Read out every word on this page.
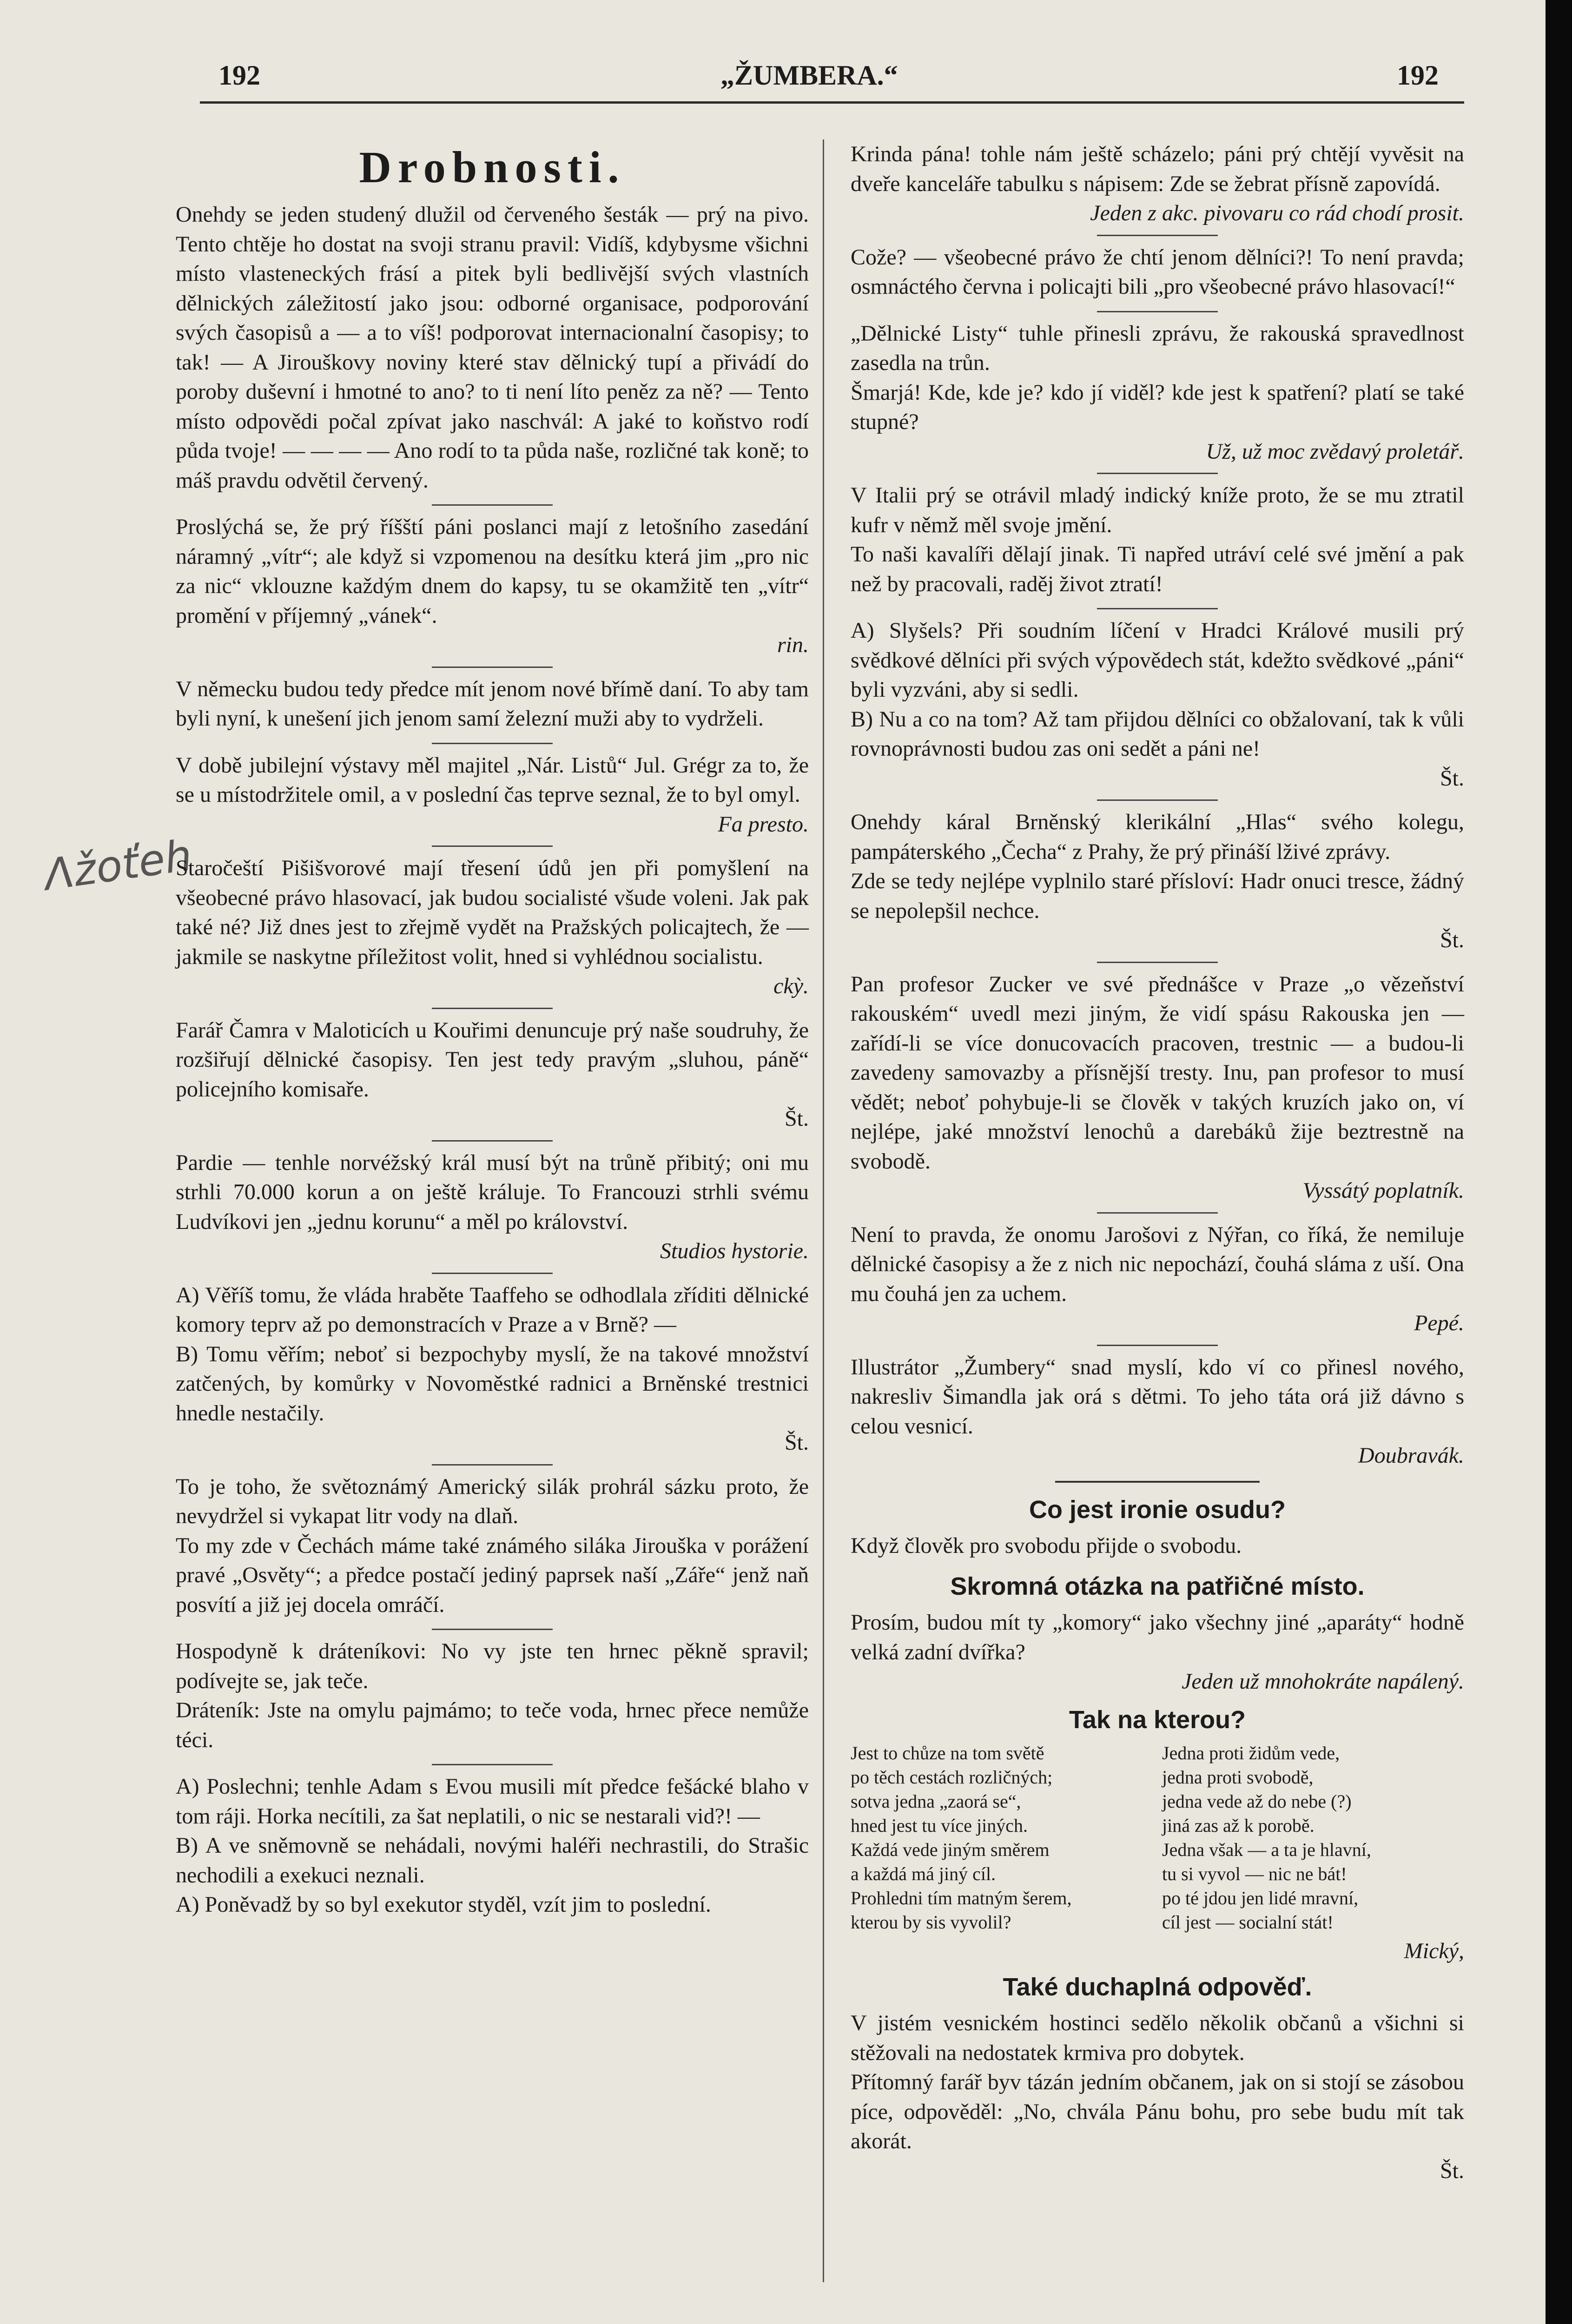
192	„ŽUMBERA.“	192
Ʌžoťeh
Drobnosti.

Onehdy se jeden studený dlužil od červeného šesták — prý na pivo. Tento chtěje ho dostat na svoji stranu pravil: Vidíš, kdybysme všichni místo vlasteneckých frásí a pitek byli bedlivější svých vlastních dělnických záležitostí jako jsou: odborné organisace, podporování svých časopisů a — a to víš! podporovat internacionalní časopisy; to tak! — A Jirouškovy noviny které stav dělnický tupí a přivádí do poroby duševní i hmotné to ano? to ti není líto peněz za ně? — Tento místo odpovědi počal zpívat jako naschvál: A jaké to koňstvo rodí půda tvoje! — — — — Ano rodí to ta půda naše, rozličné tak koně; to máš pravdu odvětil červený.

Proslýchá se, že prý říšští páni poslanci mají z letošního zasedání náramný „vítr“; ale když si vzpomenou na desítku která jim „pro nic za nic“ vklouzne každým dnem do kapsy, tu se okamžitě ten „vítr“ promění v příjemný „vánek“.

rin.

V německu budou tedy předce mít jenom nové břímě daní. To aby tam byli nyní, k unešení jich jenom samí železní muži aby to vydrželi.

V době jubilejní výstavy měl majitel „Nár. Listů“ Jul. Grégr za to, že se u místodržitele omil, a v poslední čas teprve seznal, že to byl omyl.

Fa presto.

Staročeští Pišišvorové mají třesení údů jen při pomyšlení na všeobecné právo hlasovací, jak budou socialisté všude voleni. Jak pak také né? Již dnes jest to zřejmě vydět na Pražských policajtech, že — jakmile se naskytne příležitost volit, hned si vyhlédnou socialistu.

ckỳ.

Farář Čamra v Maloticích u Kouřimi denuncuje prý naše soudruhy, že rozšiřují dělnické časopisy. Ten jest tedy pravým „sluhou, páně“ policejního komisaře.

Št.

Pardie — tenhle norvéžský král musí být na trůně přibitý; oni mu strhli 70.000 korun a on ještě králuje. To Francouzi strhli svému Ludvíkovi jen „jednu korunu“ a měl po království.

Studios hystorie.

A) Věříš tomu, že vláda hraběte Taaffeho se odhodlala zříditi dělnické komory teprv až po demonstracích v Praze a v Brně? —

B) Tomu věřím; neboť si bezpochyby myslí, že na takové množství zatčených, by komůrky v Novoměstké radnici a Brněnské trestnici hnedle nestačily.

Št.

To je toho, že světoznámý Americký silák prohrál sázku proto, že nevydržel si vykapat litr vody na dlaň.

To my zde v Čechách máme také známého siláka Jirouška v porážení pravé „Osvěty“; a předce postačí jediný paprsek naší „Záře“ jenž naň posvítí a již jej docela omráčí.

Hospodyně k dráteníkovi: No vy jste ten hrnec pěkně spravil; podívejte se, jak teče.

Dráteník: Jste na omylu pajmámo; to teče voda, hrnec přece nemůže téci.

A) Poslechni; tenhle Adam s Evou musili mít předce fešácké blaho v tom ráji. Horka necítili, za šat neplatili, o nic se nestarali vid?! —

B) A ve sněmovně se nehádali, novými haléři nechrastili, do Strašic nechodili a exekuci neznali.

A) Poněvadž by so byl exekutor styděl, vzít jim to poslední.

Krinda pána! tohle nám ještě scházelo; páni prý chtějí vyvěsit na dveře kanceláře tabulku s nápisem: Zde se žebrat přísně zapovídá.

Jeden z akc. pivovaru co rád chodí prosit.

Cože? — všeobecné právo že chtí jenom dělníci?! To není pravda; osmnáctého června i policajti bili „pro všeobecné právo hlasovací!“

„Dělnické Listy“ tuhle přinesli zprávu, že rakouská spravedlnost zasedla na trůn.

Šmarjá! Kde, kde je? kdo jí viděl? kde jest k spatření? platí se také stupné?

Už, už moc zvědavý proletář.

V Italii prý se otrávil mladý indický kníže proto, že se mu ztratil kufr v němž měl svoje jmění.

To naši kavalíři dělají jinak. Ti napřed utráví celé své jmění a pak než by pracovali, raděj život ztratí!

A) Slyšels? Při soudním líčení v Hradci Králové musili prý svědkové dělníci při svých výpovědech stát, kdežto svědkové „páni“ byli vyzváni, aby si sedli.

B) Nu a co na tom? Až tam přijdou dělníci co obžalovaní, tak k vůli rovnoprávnosti budou zas oni sedět a páni ne!

Št.

Onehdy káral Brněnský klerikální „Hlas“ svého kolegu, pampáterského „Čecha“ z Prahy, že prý přináší lživé zprávy.

Zde se tedy nejlépe vyplnilo staré přísloví: Hadr onuci tresce, žádný se nepolepšil nechce.

Št.

Pan profesor Zucker ve své přednášce v Praze „o vězeňství rakouském“ uvedl mezi jiným, že vidí spásu Rakouska jen — zařídí-li se více donucovacích pracoven, trestnic — a budou-li zavedeny samovazby a přísnější tresty. Inu, pan profesor to musí vědět; neboť pohybuje-li se člověk v takých kruzích jako on, ví nejlépe, jaké množství lenochů a darebáků žije beztrestně na svobodě.

Vyssátý poplatník.

Není to pravda, že onomu Jarošovi z Nýřan, co říká, že nemiluje dělnické časopisy a že z nich nic nepochází, čouhá sláma z uší. Ona mu čouhá jen za uchem.

Pepé.

Illustrátor „Žumbery“ snad myslí, kdo ví co přinesl nového, nakresliv Šimandla jak orá s dětmi. To jeho táta orá již dávno s celou vesnicí.

Doubravák.
Co jest ironie osudu?

Když člověk pro svobodu přijde o svobodu.

Skromná otázka na patřičné místo.

Prosím, budou mít ty „komory“ jako všechny jiné „aparáty“ hodně velká zadní dvířka?

Jeden už mnohokráte napálený.
Tak na kterou?
Jest to chůze na tom světě
po těch cestách rozličných;
sotva jedna „zaorá se“,
hned jest tu více jiných.
Každá vede jiným směrem
a každá má jiný cíl.
Prohledni tím matným šerem,
kterou by sis vyvolil?
Jedna proti židům vede,
jedna proti svobodě,
jedna vede až do nebe (?)
jiná zas až k porobě.
Jedna však — a ta je hlavní,
tu si vyvol — nic ne bát!
po té jdou jen lidé mravní,
cíl jest — socialní stát!
Mický,
Také duchaplná odpověď.

V jistém vesnickém hostinci sedělo několik občanů a všichni si stěžovali na nedostatek krmiva pro dobytek.

Přítomný farář byv tázán jedním občanem, jak on si stojí se zásobou píce, odpověděl: „No, chvála Pánu bohu, pro sebe budu mít tak akorát.

Št.
